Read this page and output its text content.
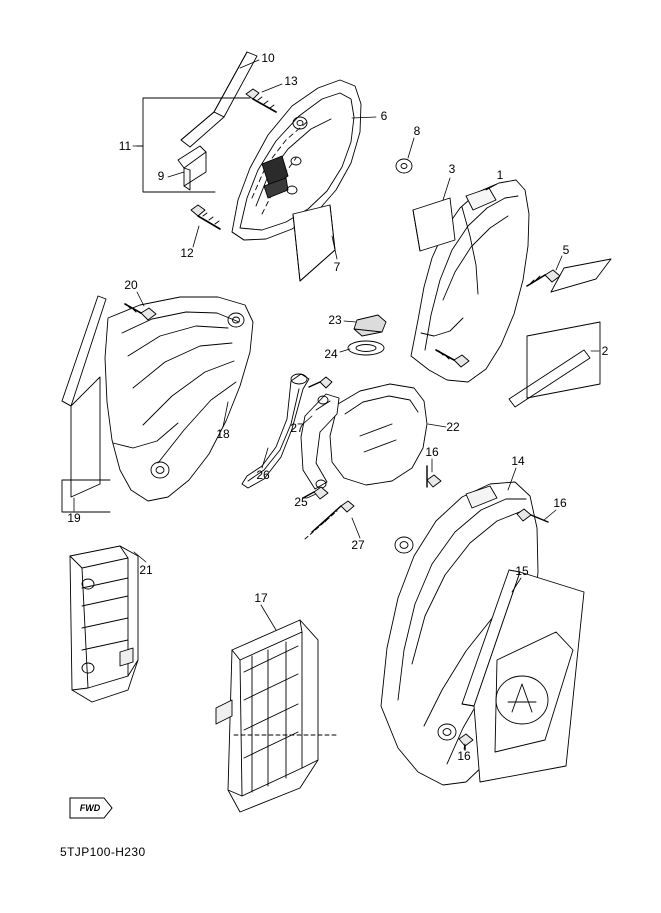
FWD
5TJP100-H230
10
13
6
8
11
9	3	1
12	5
7
20
23
2
24
18	22
27
26
16
14
25
19
16
27
15
21
17
16
